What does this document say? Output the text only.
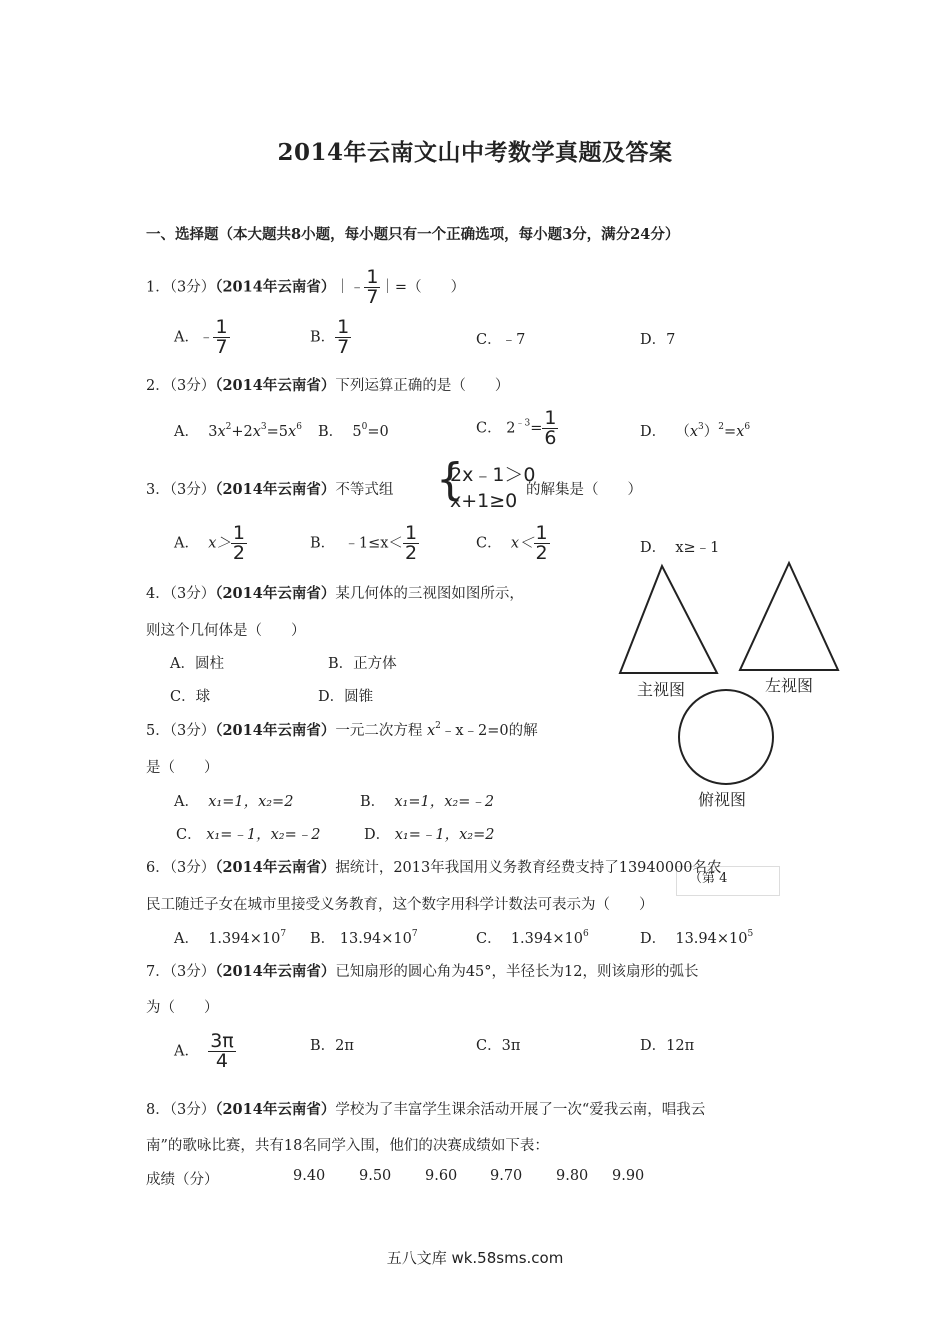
2014年云南文山中考数学真题及答案
一、选择题（本大题共8小题，每小题只有一个正确选项，每小题3分，满分24分）
1．（3分）（2014年云南省）｜﹣ $\frac{1}{7}$ ｜=（　　）
A．﹣ $\frac{1}{7}$	B． $\frac{1}{7}$	C．﹣7	D．7
2．（3分）（2014年云南省）下列运算正确的是（　　）
A． $3x^2+2x^3=5x^6$ B． $5^0=0$	C． $2^{﹣3}= \frac{1}{6}$	D． $(x^3)^2=x^6$
3．（3分）（2014年云南省）不等式组 {
2x﹣1＞0
x+1≥0 的解集是（　　）
A． $x> \frac{1}{2}$	B． ﹣1≤x＜ $\frac{1}{2}$	C． $x< \frac{1}{2}$	D． x≥﹣1
4．（3分）（2014年云南省）某几何体的三视图如图所示，
则这个几何体是（　　）
A．圆柱	B．正方体
C．球	D．圆锥	主视图	左视图
俯视图
（第 4
5．（3分）（2014年云南省）一元二次方程 $x^2﹣x﹣2=0$的解
是（　　）
A． x₁=1，x₂=2	B． x₁=1，x₂=﹣2
C． x₁=﹣1，x₂=﹣2	D． x₁=﹣1，x₂=2
6．（3分）（2014年云南省）据统计，2013年我国用义务教育经费支持了13940000名农
民工随迁子女在城市里接受义务教育，这个数字用科学计数法可表示为（　　）
A． $1.394\times 10^7$ B． $13.94\times 10^7$	C． $1.394\times 10^6$	D． $13.94\times 10^5$
7．（3分）（2014年云南省）已知扇形的圆心角为45°，半径长为12，则该扇形的弧长
为（　　）
A． $\frac{3\pi}{4}$	B．2π	C．3π	D．12π
8．（3分）（2014年云南省）学校为了丰富学生课余活动开展了一次“爱我云南，唱我云
南”的歌咏比赛，共有18名同学入围，他们的决赛成绩如下表：
成绩（分）	9.40 9.50 9.60 9.70 9.80 9.90
五八文库 wk.58sms.com
